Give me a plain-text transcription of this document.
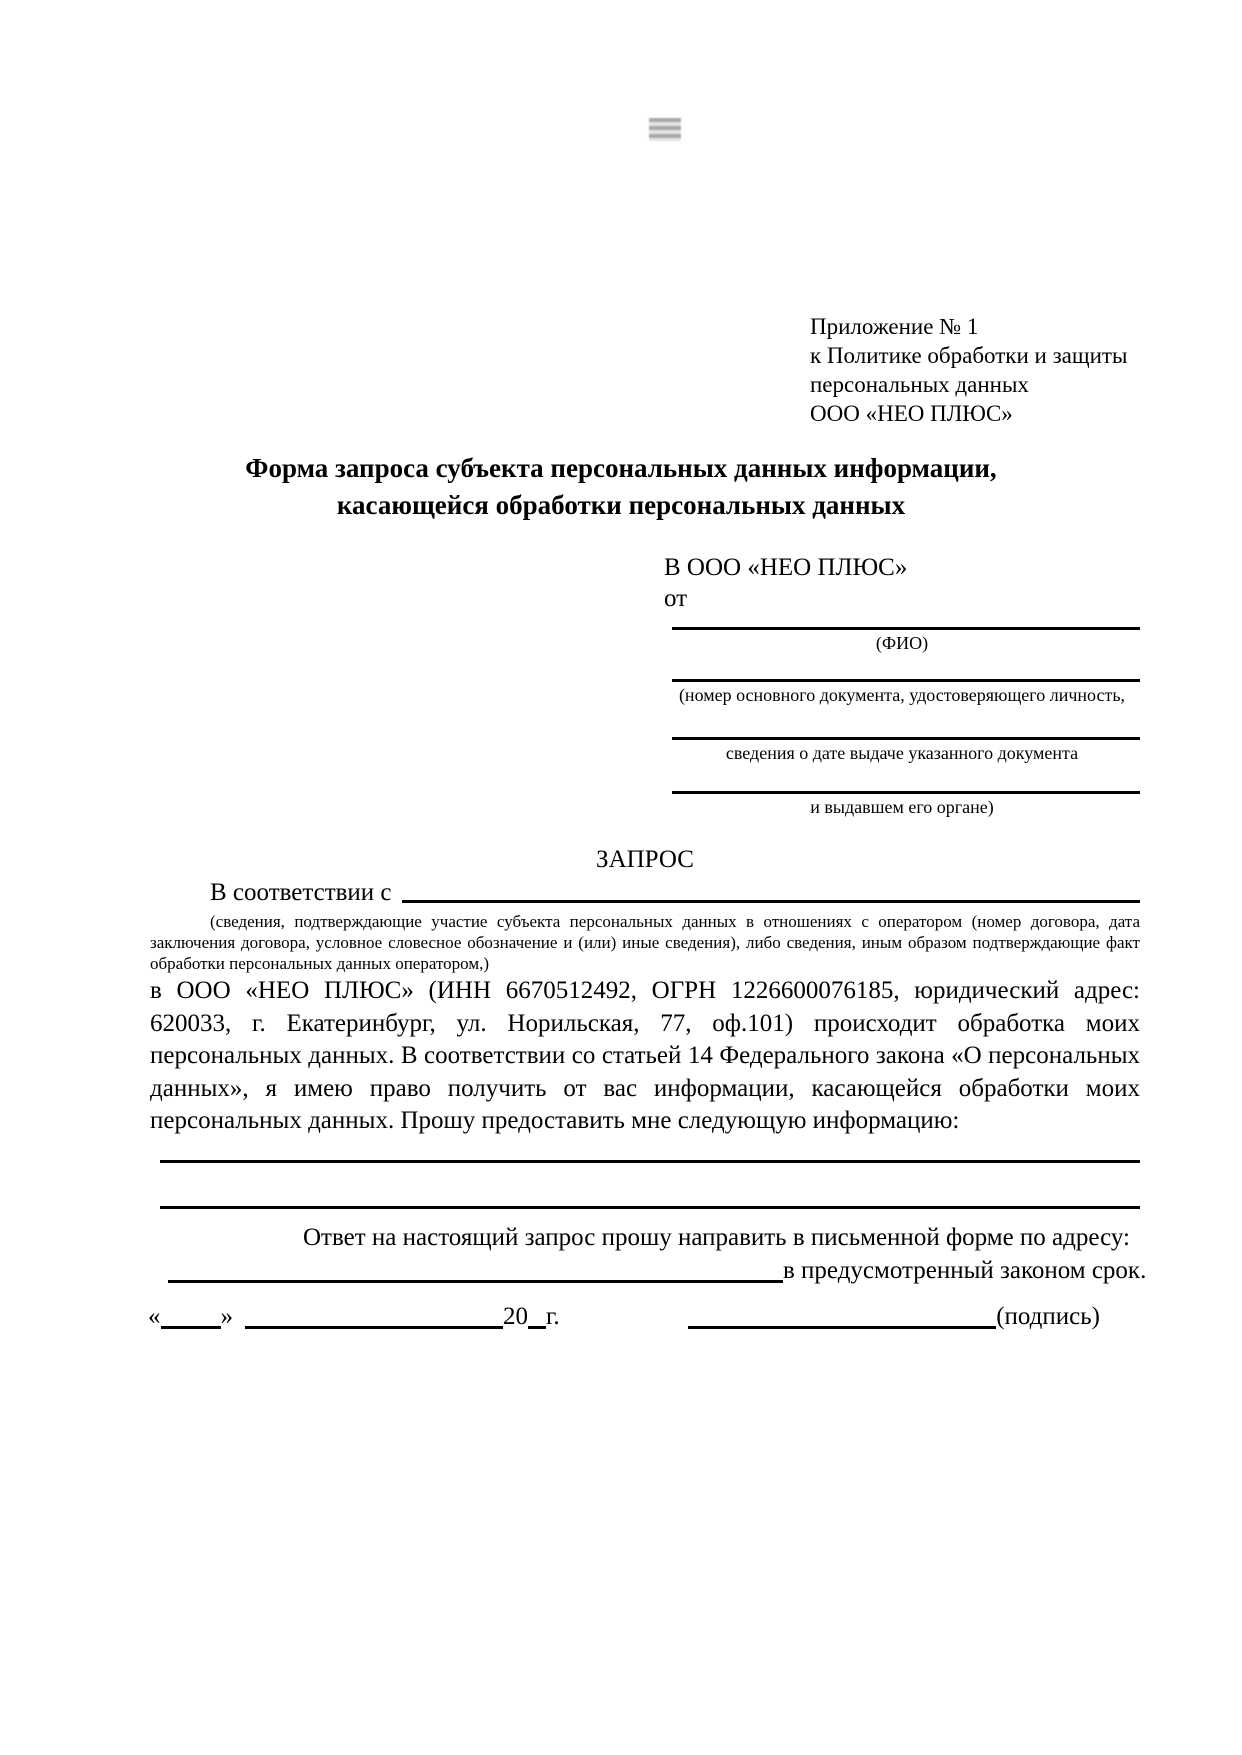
Приложение № 1
к Политике обработки и защиты
персональных данных
ООО «НЕО ПЛЮС»
Форма запроса субъекта персональных данных информации,
касающейся обработки персональных данных
В ООО «НЕО ПЛЮС»
от
(ФИО)
(номер основного документа, удостоверяющего личность,
сведения о дате выдаче указанного документа
и выдавшем его органе)
ЗАПРОС
В соответствии с
(сведения, подтверждающие участие субъекта персональных данных в отношениях с оператором (номер договора, дата заключения договора, условное словесное обозначение и (или) иные сведения), либо сведения, иным образом подтверждающие факт обработки персональных данных оператором,)
в ООО «НЕО ПЛЮС» (ИНН 6670512492, ОГРН 1226600076185, юридический адрес: 620033, г. Екатеринбург, ул. Норильская, 77, оф.101) происходит обработка моих персональных данных. В соответствии со статьей 14 Федерального закона «О персональных данных», я имею право получить от вас информации, касающейся обработки моих персональных данных. Прошу предоставить мне следующую информацию:
Ответ на настоящий запрос прошу направить в письменной форме по адресу:
в предусмотренный законом срок.
« »	20 г.	(подпись)
